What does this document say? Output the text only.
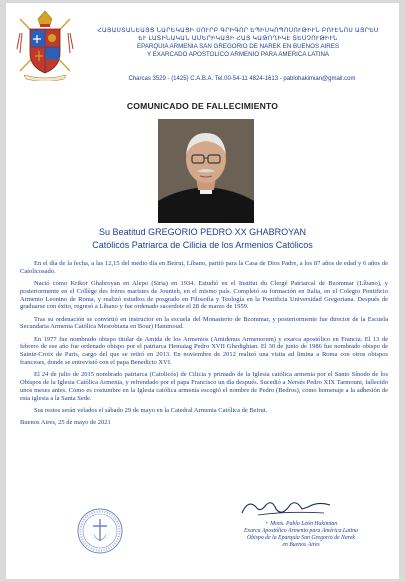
ՀԱՅԱՍՏԱՆԵԱՅՑ ՆԱՐԵԿԱՑԻ ՍՈՒՐԲ ԳՐԻԳՈՐ ԵՊԻՍԿՈՊՈՍՈՒԹԻՒՆ ԲՈՒԷՆՈՍ ԱՅՐԵՍ
ԵՒ ԼԱՏԻՆԱԿԱՆ ԱՄԵՐԻԿԱՅԻ ՀԱՅ ԿԱԹՈՂԻԿԷ ՏԵՍՉՈՒԹԻՒՆ
EPARQUIA ARMENIA SAN GREGORIO DE NAREK EN BUENOS AIRES
Y EXARCADO APOSTOLICO ARMENIO PARA AMERICA LATINA
Charcas 3529 - (1425) C.A.B.A. Tel.00-54-11 4824-1613 - pablohakimian@gmail.com
COMUNICADO DE FALLECIMIENTO
Su Beatitud GREGORIO PEDRO XX GHABROYAN
Católicós Patriarca de Cilicia de los Armenios Católicos

En el día de la fecha, a las 12,15 del medio día en Beirut, Líbano, partió para la Casa de Dios Padre, a los 87 años de edad y 6 años de Catolicosado.

Nació como Krikor Ghabroyan en Alepo (Siria) en 1934. Estudió en el Institut du Clergé Patriarcal de Bzommar (Líbano), y posteriormente en el Collège des frères maristes de Jounieh, en el mismo país. Completó su formación en Italia, en el Colegio Pontificio Armenio Leonino de Roma, y realizó estudios de posgrado en Filosofía y Teología en la Pontificia Universidad Gregoriana. Después de graduarse con éxito, regresó a Líbano y fue ordenado sacerdote el 28 de marzo de 1959.

Tras su ordenación se convirtió en instructor en la escuela del Monasterio de Bzommar, y posteriormente fue director de la Escuela Secundaria Armenia Católica Mesrobiana en Bour) Hammoud.

En 1977 fue nombrado obispo titular de Amida de los Armenios (Amidenus Armenorum) y exarca apostólico en Francia. El 13 de febrero de ese año fue ordenado obispo por el patriarca Hemaiag Pedro XVII Ghedighian. El 30 de junio de 1986 fue nombrado obispo de Sainte-Croix de Paris, cargo del que se retiró en 2013. En noviembre de 2012 realizó una visita ad limina a Roma con otros obispos franceses, donde se entrevistó con el papa Benedicto XVI.

El 24 de julio de 2015 nombrado patriarca (Catolicós) de Cilicia y primado de la Iglesia católica armenia por el Santo Sínodo de los Obispos de la Iglesia Católica Armenia, y refrendado por el papa Francisco un día después. Sucedió a Nersés Pedro XIX Tarmouni, fallecido unos meses antes. Como es costumbre en la Iglesia católica armenia escogió el nombre de Pedro (Bedros), como homenaje a la adhesión de esta iglesia a la Santa Sede.

Sus restos serán velados el sábado 29 de mayo en la Catedral Armenia Católica de Beirut.

Buenos Aires, 25 de mayo de 2021

+ Mons. Pablo León Hakimian
Exarca Apostólico Armenio para América Latina
Obispo de la Eparquía San Gregorio de Narek
en Buenos Aires
